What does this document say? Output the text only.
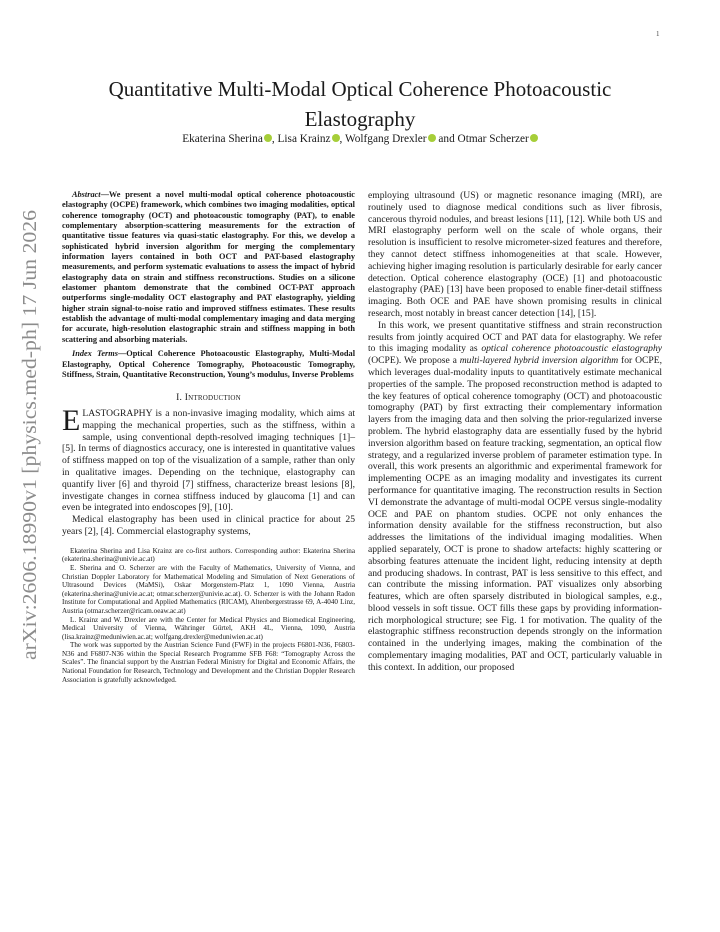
1
arXiv:2606.18990v1 [physics.med-ph] 17 Jun 2026
Quantitative Multi-Modal Optical Coherence Photoacoustic Elastography
Ekaterina Sherina , Lisa Krainz , Wolfgang Drexler and Otmar Scherzer

Abstract—We present a novel multi-modal optical coherence photoacoustic elastography (OCPE) framework, which combines two imaging modalities, optical coherence tomography (OCT) and photoacoustic tomography (PAT), to enable complementary absorption-scattering measurements for the extraction of quantitative tissue features via quasi-static elastography. For this, we develop a sophisticated hybrid inversion algorithm for merging the complementary information layers contained in both OCT and PAT-based elastography measurements, and perform systematic evaluations to assess the impact of hybrid elastography data on strain and stiffness reconstructions. Studies on a silicone elastomer phantom demonstrate that the combined OCT-PAT approach outperforms single-modality OCT elastography and PAT elastography, yielding higher strain signal-to-noise ratio and improved stiffness estimates. These results establish the advantage of multi-modal complementary imaging and data merging for accurate, high-resolution elastographic strain and stiffness mapping in both scattering and absorbing materials.

Index Terms—Optical Coherence Photoacoustic Elastography, Multi-Modal Elastography, Optical Coherence Tomography, Photoacoustic Tomography, Stiffness, Strain, Quantitative Reconstruction, Young’s modulus, Inverse Problems

I. Introduction

ELASTOGRAPHY is a non-invasive imaging modality, which aims at mapping the mechanical properties, such as the stiffness, within a sample, using conventional depth-resolved imaging techniques [1]–[5]. In terms of diagnostics accuracy, one is interested in quantitative values of stiffness mapped on top of the visualization of a sample, rather than only in qualitative images. Depending on the technique, elastography can quantify liver [6] and thyroid [7] stiffness, characterize breast lesions [8], investigate changes in cornea stiffness induced by glaucoma [1] and can even be integrated into endoscopes [9], [10].

Medical elastography has been used in clinical practice for about 25 years [2], [4]. Commercial elastography systems,

Ekaterina Sherina and Lisa Krainz are co-first authors. Corresponding author: Ekaterina Sherina (ekaterina.sherina@univie.ac.at)

E. Sherina and O. Scherzer are with the Faculty of Mathematics, University of Vienna, and Christian Doppler Laboratory for Mathematical Modeling and Simulation of Next Generations of Ultrasound Devices (MaMSi), Oskar Morgenstern-Platz 1, 1090 Vienna, Austria (ekaterina.sherina@univie.ac.at; otmar.scherzer@univie.ac.at). O. Scherzer is with the Johann Radon Institute for Computational and Applied Mathematics (RICAM), Altenbergerstrasse 69, A-4040 Linz, Austria (otmar.scherzer@ricam.oeaw.ac.at)

L. Krainz and W. Drexler are with the Center for Medical Physics and Biomedical Engineering, Medical University of Vienna, Währinger Gürtel, AKH 4L, Vienna, 1090, Austria (lisa.krainz@meduniwien.ac.at; wolfgang.drexler@meduniwien.ac.at)

The work was supported by the Austrian Science Fund (FWF) in the projects F6801-N36, F6803-N36 and F6807-N36 within the Special Research Programme SFB F68: “Tomography Across the Scales”. The financial support by the Austrian Federal Ministry for Digital and Economic Affairs, the National Foundation for Research, Technology and Development and the Christian Doppler Research Association is gratefully acknowledged.

employing ultrasound (US) or magnetic resonance imaging (MRI), are routinely used to diagnose medical conditions such as liver fibrosis, cancerous thyroid nodules, and breast lesions [11], [12]. While both US and MRI elastography perform well on the scale of whole organs, their resolution is insufficient to resolve micrometer-sized features and therefore, they cannot detect stiffness inhomogeneities at that scale. However, achieving higher imaging resolution is particularly desirable for early cancer detection. Optical coherence elastography (OCE) [1] and photoacoustic elastography (PAE) [13] have been proposed to enable finer-detail stiffness imaging. Both OCE and PAE have shown promising results in clinical research, most notably in breast cancer detection [14], [15].

In this work, we present quantitative stiffness and strain reconstruction results from jointly acquired OCT and PAT data for elastography. We refer to this imaging modality as optical coherence photoacoustic elastography (OCPE). We propose a multi-layered hybrid inversion algorithm for OCPE, which leverages dual-modality inputs to quantitatively estimate mechanical properties of the sample. The proposed reconstruction method is adapted to the key features of optical coherence tomography (OCT) and photoacoustic tomography (PAT) by first extracting their complementary information layers from the imaging data and then solving the prior-regularized inverse problem. The hybrid elastography data are essentially fused by the hybrid inversion algorithm based on feature tracking, segmentation, an optical flow strategy, and a regularized inverse problem of parameter estimation type. In overall, this work presents an algorithmic and experimental framework for implementing OCPE as an imaging modality and investigates its current performance for quantitative imaging. The reconstruction results in Section VI demonstrate the advantage of multi-modal OCPE versus single-modality OCE and PAE on phantom studies. OCPE not only enhances the information density available for the stiffness reconstruction, but also addresses the limitations of the individual imaging modalities. When applied separately, OCT is prone to shadow artefacts: highly scattering or absorbing features attenuate the incident light, reducing intensity at depth and producing shadows. In contrast, PAT is less sensitive to this effect, and can contribute the missing information. PAT visualizes only absorbing features, which are often sparsely distributed in biological samples, e.g., blood vessels in soft tissue. OCT fills these gaps by providing information-rich morphological structure; see Fig. 1 for motivation. The quality of the elastographic stiffness reconstruction depends strongly on the information contained in the underlying images, making the combination of the complementary imaging modalities, PAT and OCT, particularly valuable in this context. In addition, our proposed
